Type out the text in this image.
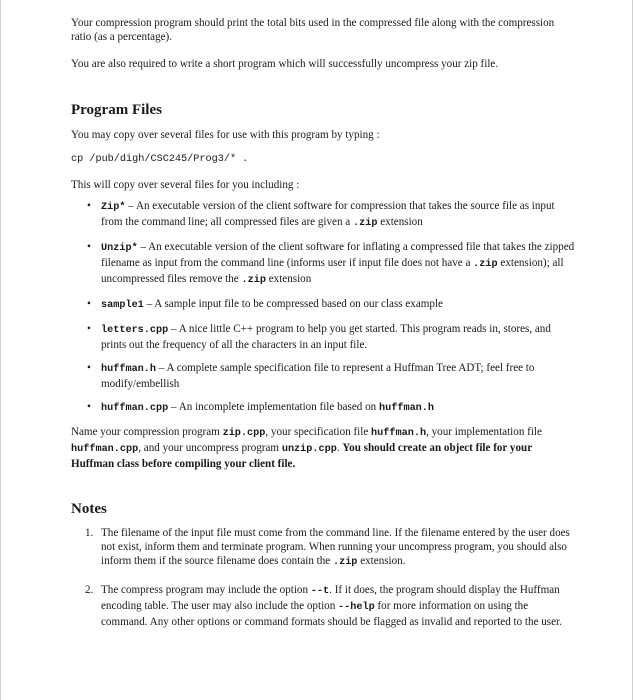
Your compression program should print the total bits used in the compressed file along with the compression ratio (as a percentage).

You are also required to write a short program which will successfully uncompress your zip file.

Program Files

You may copy over several files for use with this program by typing :

cp /pub/digh/CSC245/Prog3/* .

This will copy over several files for you including :

• Zip* – An executable version of the client software for compression that takes the source file as input from the command line; all compressed files are given a .zip extension
• Unzip* – An executable version of the client software for inflating a compressed file that takes the zipped filename as input from the command line (informs user if input file does not have a .zip extension); all uncompressed files remove the .zip extension
• sample1 – A sample input file to be compressed based on our class example
• letters.cpp – A nice little C++ program to help you get started. This program reads in, stores, and prints out the frequency of all the characters in an input file.
• huffman.h – A complete sample specification file to represent a Huffman Tree ADT; feel free to modify/embellish
• huffman.cpp – An incomplete implementation file based on huffman.h

Name your compression program zip.cpp, your specification file huffman.h, your implementation file huffman.cpp, and your uncompress program unzip.cpp. You should create an object file for your Huffman class before compiling your client file.

Notes
1. The filename of the input file must come from the command line. If the filename entered by the user does not exist, inform them and terminate program. When running your uncompress program, you should also inform them if the source filename does contain the .zip extension.
2. The compress program may include the option --t. If it does, the program should display the Huffman encoding table. The user may also include the option --help for more information on using the command. Any other options or command formats should be flagged as invalid and reported to the user.
